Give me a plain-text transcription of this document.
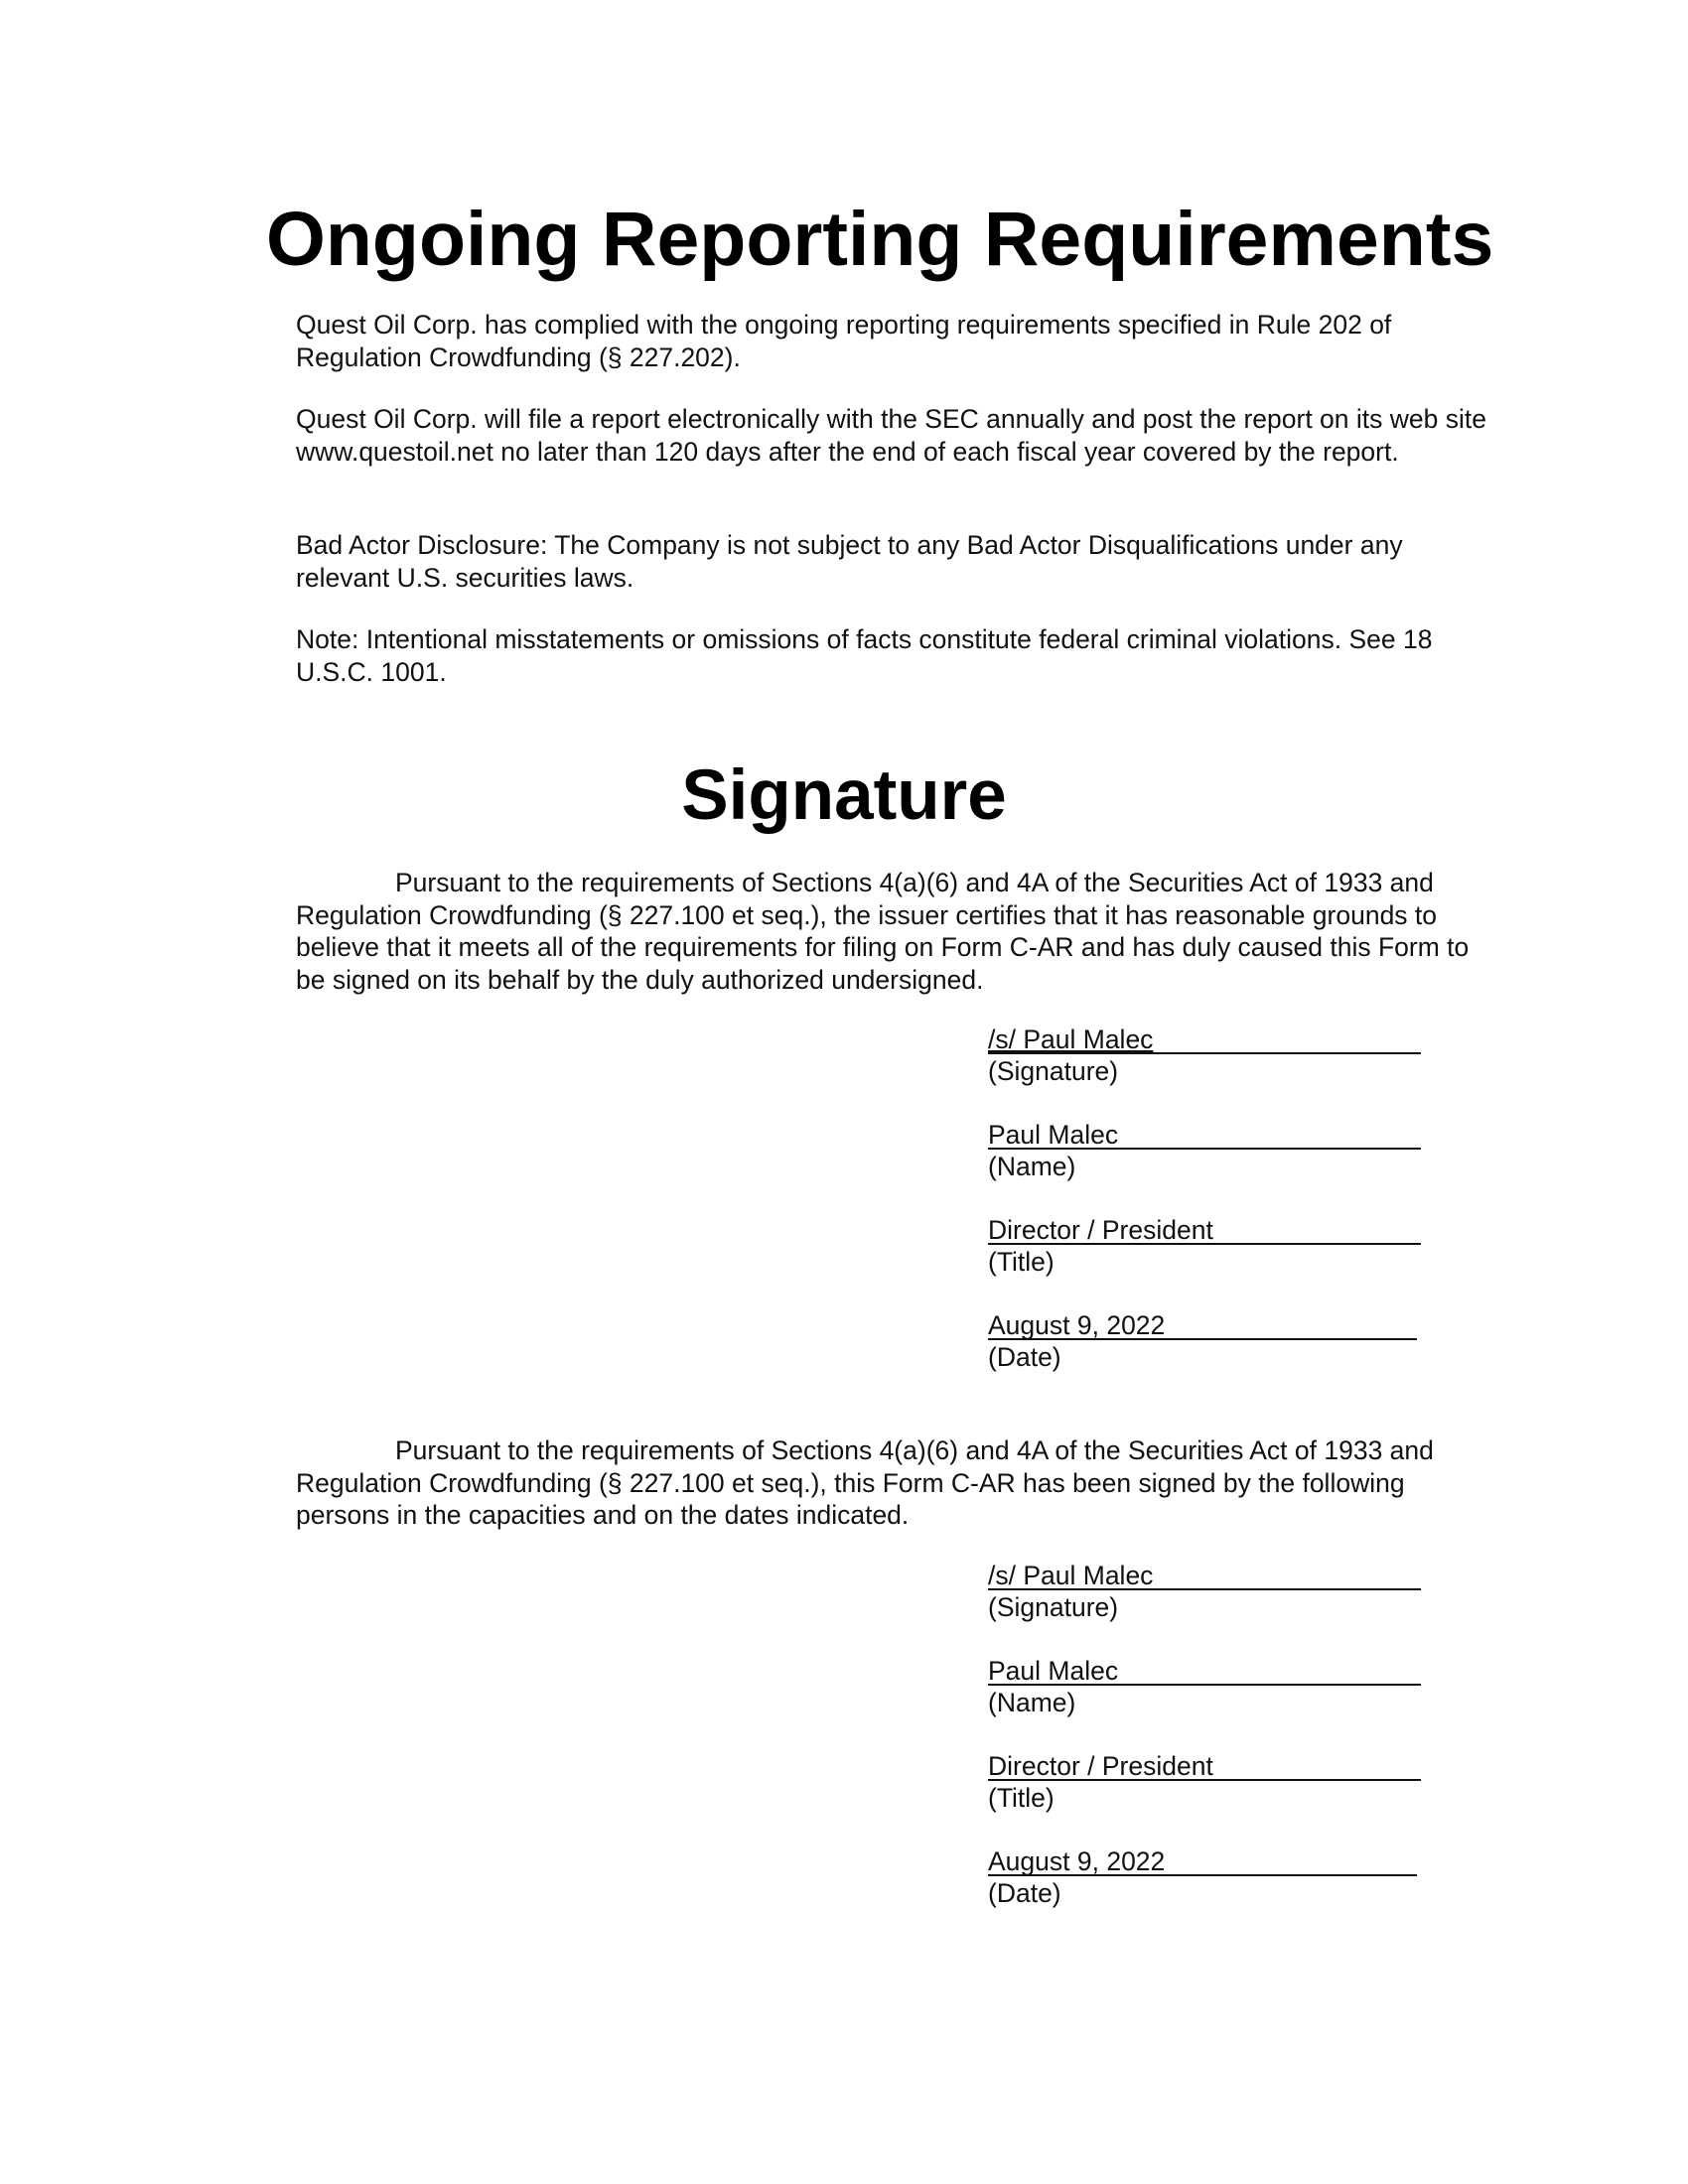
Ongoing Reporting Requirements

Quest Oil Corp. has complied with the ongoing reporting requirements specified in Rule 202 of Regulation Crowdfunding (§ 227.202).

Quest Oil Corp. will file a report electronically with the SEC annually and post the report on its web site www.questoil.net no later than 120 days after the end of each fiscal year covered by the report.

Bad Actor Disclosure: The Company is not subject to any Bad Actor Disqualifications under any relevant U.S. securities laws.

Note: Intentional misstatements or omissions of facts constitute federal criminal violations. See 18 U.S.C. 1001.

Signature

Pursuant to the requirements of Sections 4(a)(6) and 4A of the Securities Act of 1933 and Regulation Crowdfunding (§ 227.100 et seq.), the issuer certifies that it has reasonable grounds to believe that it meets all of the requirements for filing on Form C-AR and has duly caused this Form to be signed on its behalf by the duly authorized undersigned.

/s/ Paul Malec
(Signature)
Paul Malec
(Name)
Director / President
(Title)
August 9, 2022
(Date)

Pursuant to the requirements of Sections 4(a)(6) and 4A of the Securities Act of 1933 and Regulation Crowdfunding (§ 227.100 et seq.), this Form C-AR has been signed by the following persons in the capacities and on the dates indicated.

/s/ Paul Malec
(Signature)
Paul Malec
(Name)
Director / President
(Title)
August 9, 2022
(Date)
